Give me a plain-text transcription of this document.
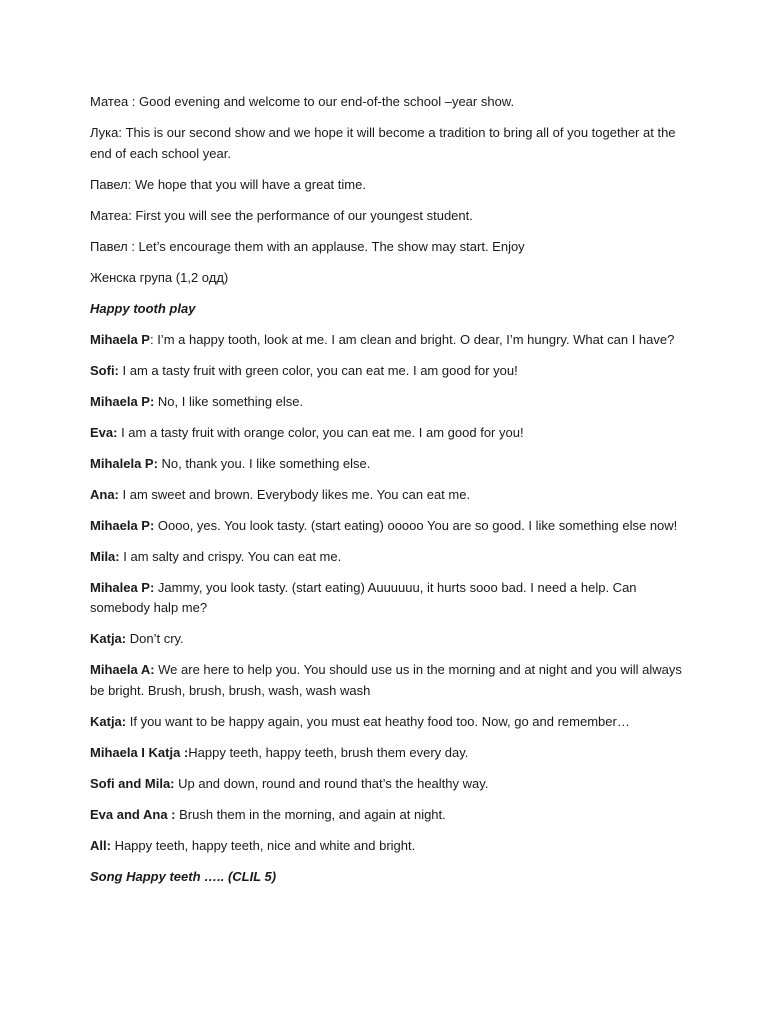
Матеа : Good evening and welcome to our end-of-the school –year show.

Лука: This is our second show and we hope it will become a tradition to bring all of you together at the end of each school year.

Павел: We hope that you will have a great time.

Матеа: First you will see the performance of our youngest student.

Павел : Let’s encourage them with an applause. The show may start. Enjoy

Женска група (1,2 одд)

Happy tooth play

Mihaela P: I’m a happy tooth, look at me. I am clean and bright. O dear, I’m hungry. What can I have?

Sofi: I am a tasty fruit with green color, you can eat me. I am good for you!

Mihaela P: No, I like something else.

Eva: I am a tasty fruit with orange color, you can eat me. I am good for you!

Mihalela P: No, thank you. I like something else.

Ana: I am sweet and brown. Everybody likes me. You can eat me.

Mihaela P: Oooo, yes. You look tasty. (start eating) ooooo You are so good. I like something else now!

Mila: I am salty and crispy. You can eat me.

Mihalea P: Jammy, you look tasty. (start eating) Auuuuuu, it hurts sooo bad. I need a help. Can somebody halp me?

Katja: Don’t cry.

Mihaela A: We are here to help you. You should use us in the morning and at night and you will always be bright. Brush, brush, brush, wash, wash wash

Katja: If you want to be happy again, you must eat heathy food too. Now, go and remember…

Mihaela I Katja :Happy teeth, happy teeth, brush them every day.

Sofi and Mila: Up and down, round and round that’s the healthy way.

Eva and Ana : Brush them in the morning, and again at night.

All: Happy teeth, happy teeth, nice and white and bright.

Song Happy teeth ….. (CLIL 5)
